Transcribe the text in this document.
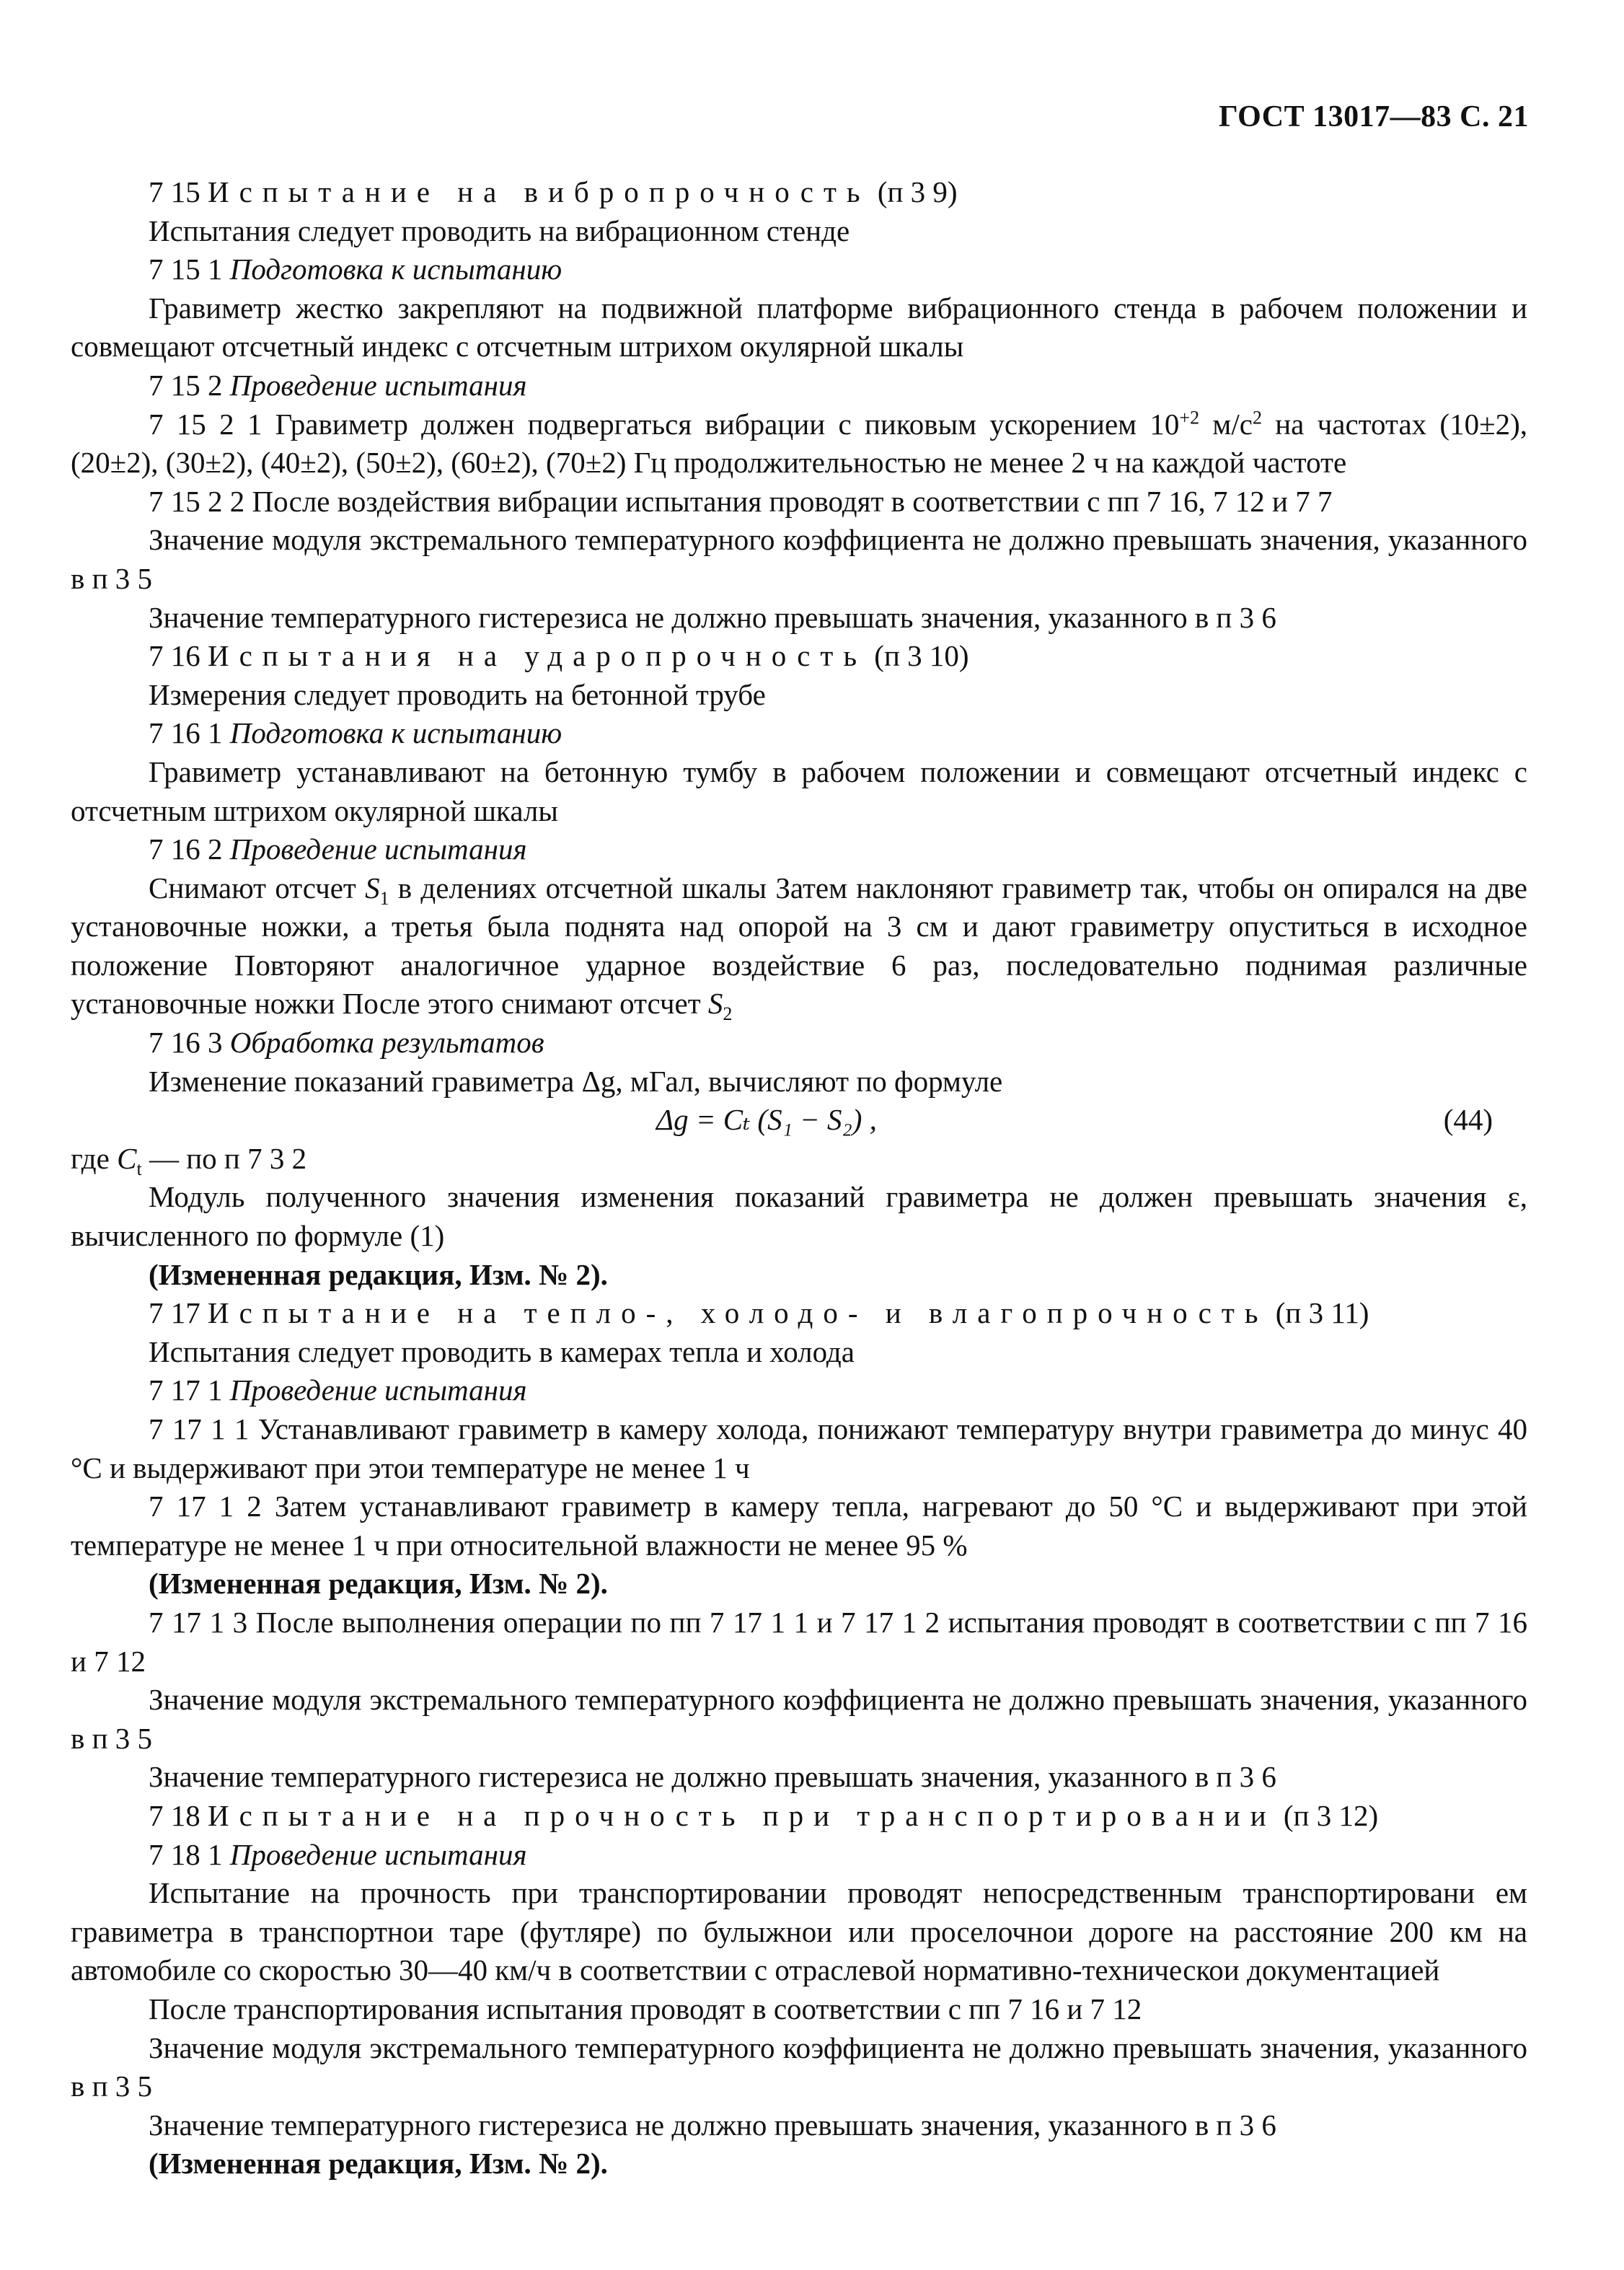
ГОСТ 13017—83 С. 21

7 15 Испытание на вибропрочность (п 3 9)

Испытания следует проводить на вибрационном стенде

7 15 1 Подготовка к испытанию

Гравиметр жестко закрепляют на подвижной платформе вибрационного стенда в рабочем положении и совмещают отсчетный индекс с отсчетным штрихом окулярной шкалы

7 15 2 Проведение испытания

7 15 2 1 Гравиметр должен подвергаться вибрации с пиковым ускорением $10^{+2}$ $м/с^2$ на частотах (10±2), (20±2), (30±2), (40±2), (50±2), (60±2), (70±2) Гц продолжительностью не менее 2 ч на каждой частоте

7 15 2 2 После воздействия вибрации испытания проводят в соответствии с пп 7 16, 7 12 и 7 7

Значение модуля экстремального температурного коэффициента не должно превышать значения, указанного в п 3 5

Значение температурного гистерезиса не должно превышать значения, указанного в п 3 6

7 16 Испытания на ударопрочность (п 3 10)

Измерения следует проводить на бетонной трубе

7 16 1 Подготовка к испытанию

Гравиметр устанавливают на бетонную тумбу в рабочем положении и совмещают отсчетный индекс с отсчетным штрихом окулярной шкалы

7 16 2 Проведение испытания

Снимают отсчет $S_1$ в делениях отсчетной шкалы Затем наклоняют гравиметр так, чтобы он опирался на две установочные ножки, а третья была поднята над опорой на 3 см и дают гравиметру опуститься в исходное положение Повторяют аналогичное ударное воздействие 6 раз, последовательно поднимая различные установочные ножки После этого снимают отсчет $S_2$

7 16 3 Обработка результатов

Изменение показаний гравиметра Δg, мГал, вычисляют по формуле

Δg = Cₜ (S₁ − S₂) ,	(44)

где $C_t$ — по п 7 3 2

Модуль полученного значения изменения показаний гравиметра не должен превышать значения ε, вычисленного по формуле (1)

(Измененная редакция, Изм. № 2).

7 17 Испытание на тепло-, холодо- и влагопрочность (п 3 11)

Испытания следует проводить в камерах тепла и холода

7 17 1 Проведение испытания

7 17 1 1 Устанавливают гравиметр в камеру холода, понижают температуру внутри гравиметра до минус 40 °С и выдерживают при этои температуре не менее 1 ч

7 17 1 2 Затем устанавливают гравиметр в камеру тепла, нагревают до 50 °С и выдерживают при этой температуре не менее 1 ч при относительной влажности не менее 95 %

(Измененная редакция, Изм. № 2).

7 17 1 3 После выполнения операции по пп 7 17 1 1 и 7 17 1 2 испытания проводят в соответствии с пп 7 16 и 7 12

Значение модуля экстремального температурного коэффициента не должно превышать значения, указанного в п 3 5

Значение температурного гистерезиса не должно превышать значения, указанного в п 3 6

7 18 Испытание на прочность при транспортировании (п 3 12)

7 18 1 Проведение испытания

Испытание на прочность при транспортировании проводят непосредственным транспортировани ем гравиметра в транспортнои таре (футляре) по булыжнои или проселочнои дороге на расстояние 200 км на автомобиле со скоростью 30—40 км/ч в соответствии с отраслевой нормативно-техническои документацией

После транспортирования испытания проводят в соответствии с пп 7 16 и 7 12

Значение модуля экстремального температурного коэффициента не должно превышать значения, указанного в п 3 5

Значение температурного гистерезиса не должно превышать значения, указанного в п 3 6

(Измененная редакция, Изм. № 2).
